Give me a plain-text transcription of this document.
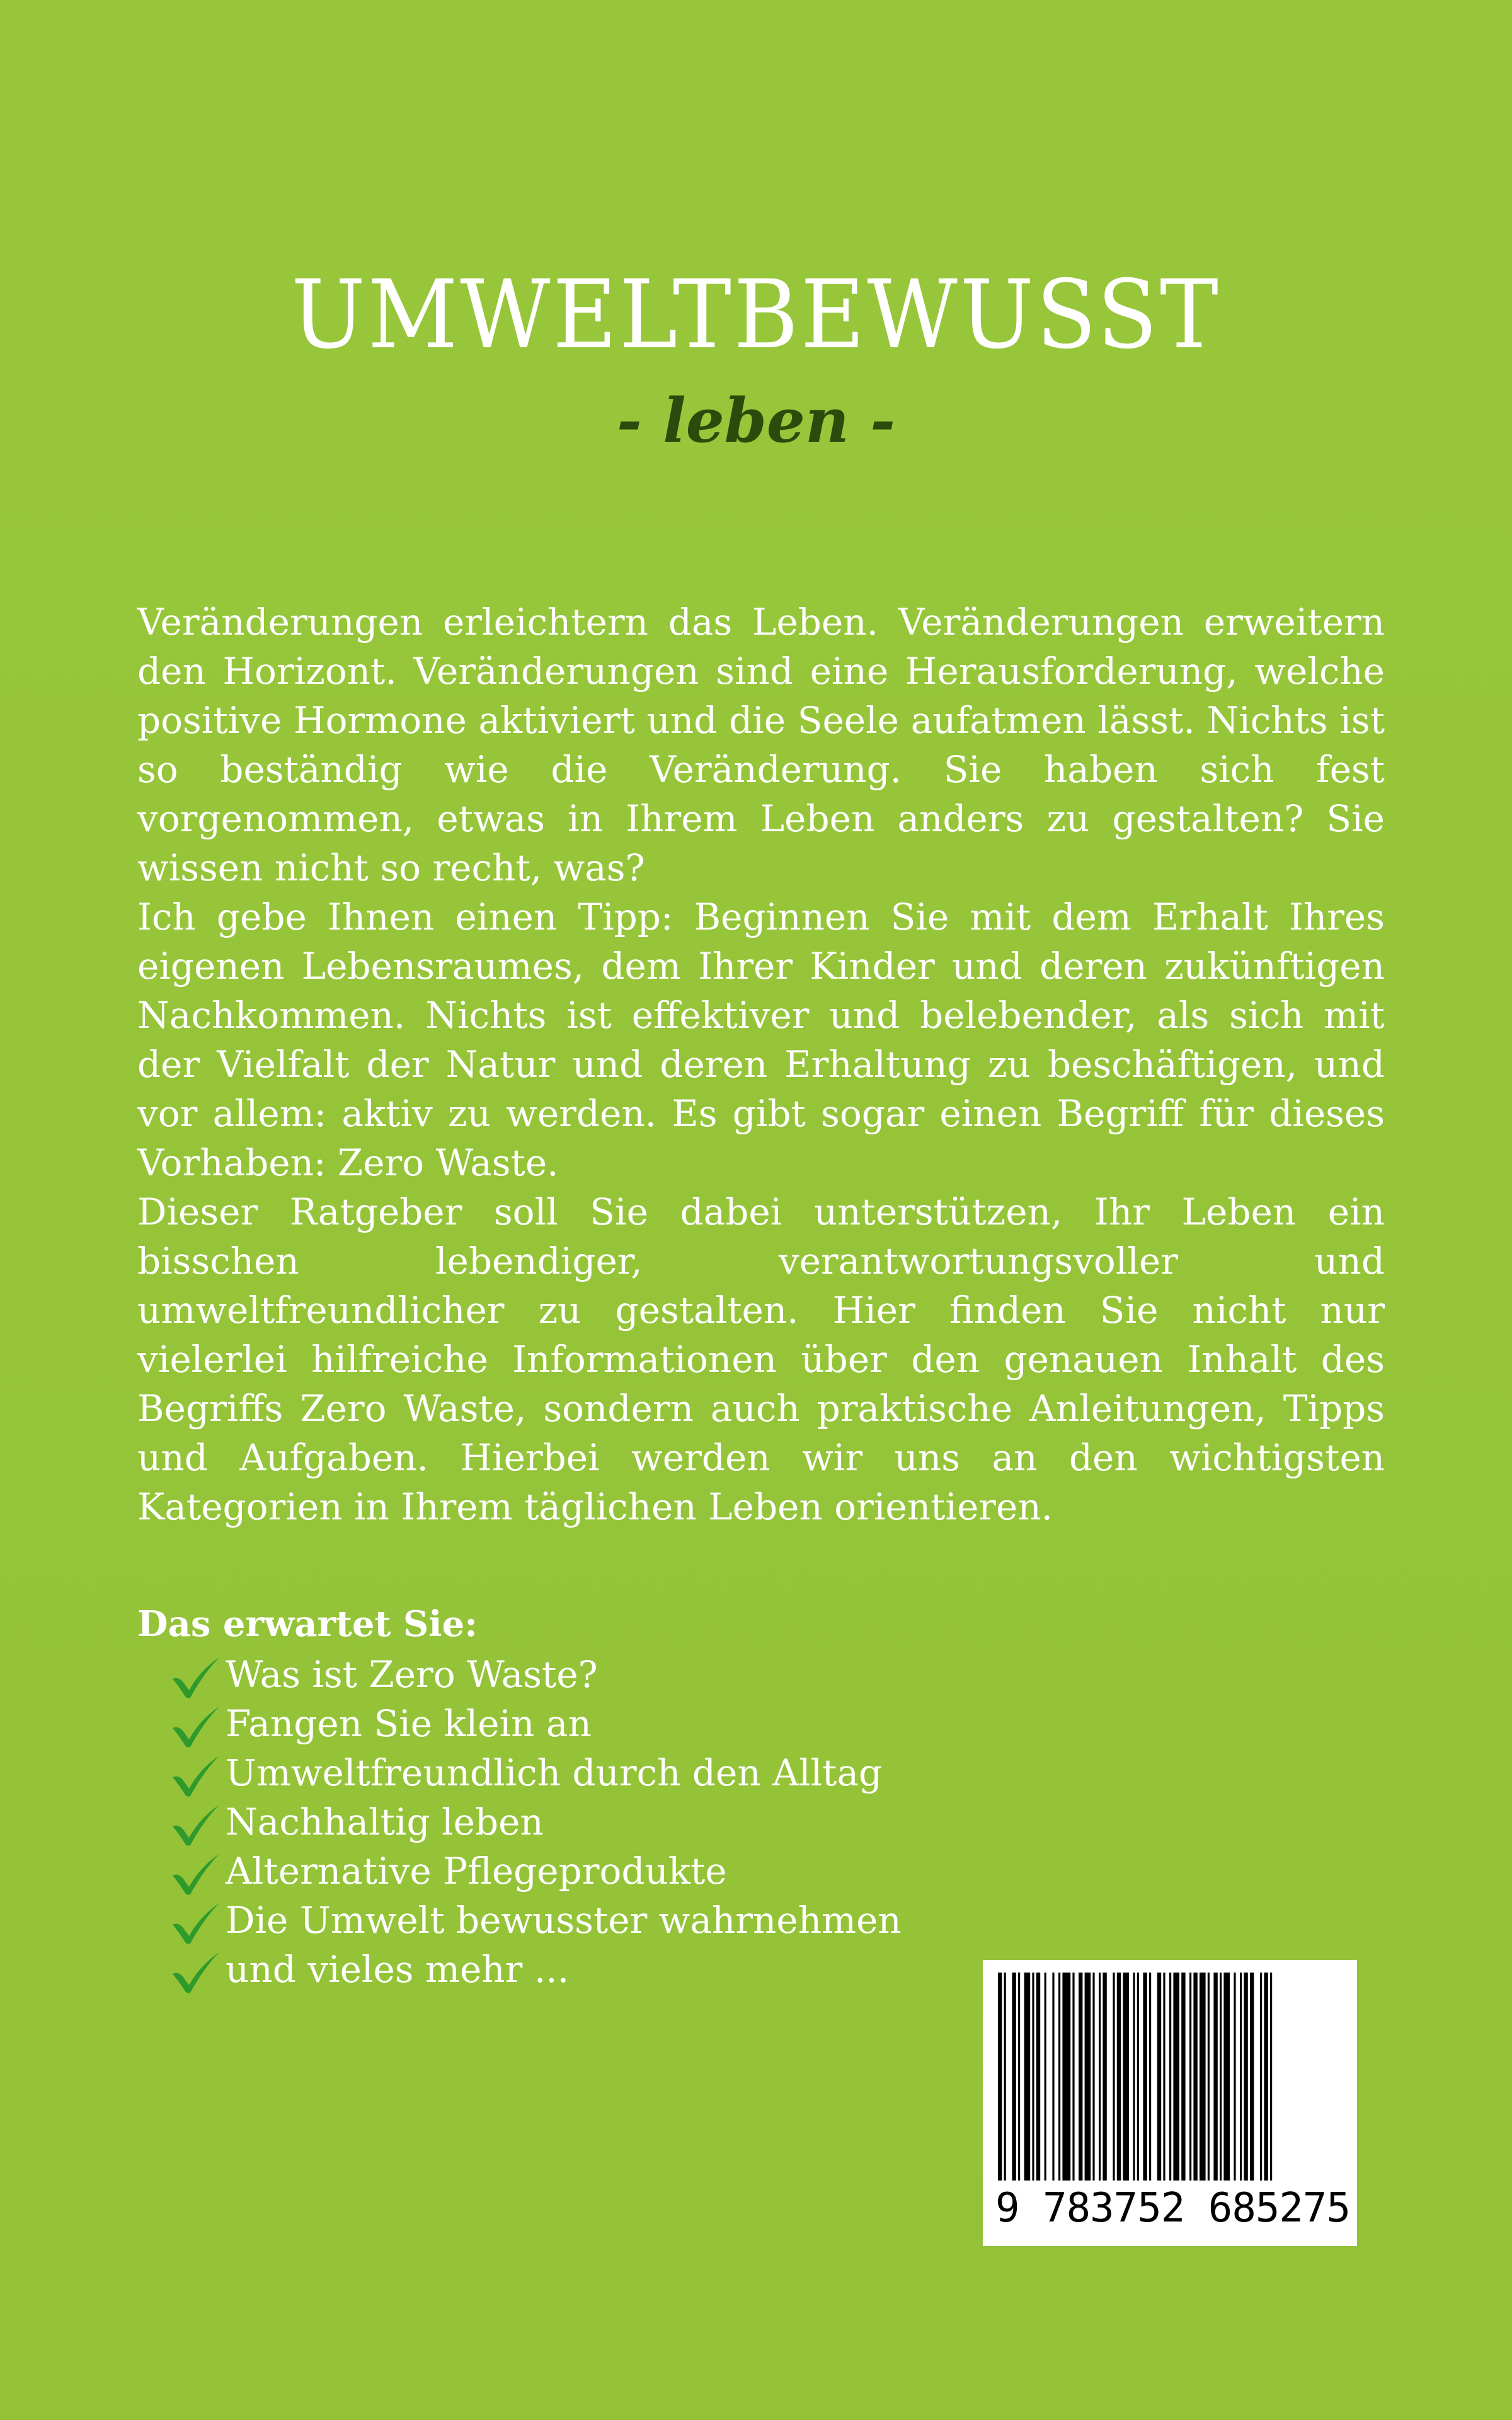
UMWELTBEWUSST
- leben -

Veränderungen erleichtern das Leben. Veränderungen erweitern den Horizont. Veränderungen sind eine Herausforderung, welche positive Hormone aktiviert und die Seele aufatmen lässt. Nichts ist so beständig wie die Veränderung. Sie haben sich fest vorgenommen, etwas in Ihrem Leben anders zu gestalten? Sie wissen nicht so recht, was?

Ich gebe Ihnen einen Tipp: Beginnen Sie mit dem Erhalt Ihres eigenen Lebensraumes, dem Ihrer Kinder und deren zukünftigen Nachkommen. Nichts ist effektiver und belebender, als sich mit der Vielfalt der Natur und deren Erhaltung zu beschäftigen, und vor allem: aktiv zu werden. Es gibt sogar einen Begriff für dieses Vorhaben: Zero Waste.

Dieser Ratgeber soll Sie dabei unterstützen, Ihr Leben ein bisschen lebendiger, verantwortungsvoller und umweltfreundlicher zu gestalten. Hier finden Sie nicht nur vielerlei hilfreiche Informationen über den genauen Inhalt des Begriffs Zero Waste, sondern auch praktische Anleitungen, Tipps und Aufgaben. Hierbei werden wir uns an den wichtigsten Kategorien in Ihrem täglichen Leben orientieren.

Das erwartet Sie:
Was ist Zero Waste?
Fangen Sie klein an
Umweltfreundlich durch den Alltag
Nachhaltig leben
Alternative Pflegeprodukte
Die Umwelt bewusster wahrnehmen
und vieles mehr ...
9 783752 685275
